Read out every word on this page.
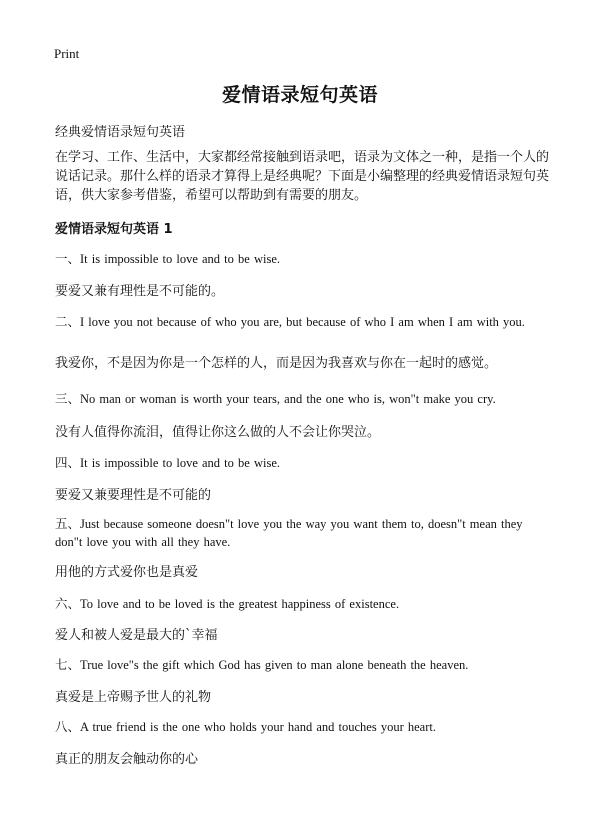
Print
爱情语录短句英语
经典爱情语录短句英语

在学习、工作、生活中，大家都经常接触到语录吧，语录为文体之一种，是指一个人的说话记录。那什么样的语录才算得上是经典呢？下面是小编整理的经典爱情语录短句英语，供大家参考借鉴，希望可以帮助到有需要的朋友。

爱情语录短句英语 1

一、It is impossible to love and to be wise.

要爱又兼有理性是不可能的。

二、I love you not because of who you are, but because of who I am when I am with you.

我爱你，不是因为你是一个怎样的人，而是因为我喜欢与你在一起时的感觉。

三、No man or woman is worth your tears, and the one who is, won"t make you cry.

没有人值得你流泪，值得让你这么做的人不会让你哭泣。

四、It is impossible to love and to be wise.

要爱又兼要理性是不可能的

五、Just because someone doesn"t love you the way you want them to, doesn"t mean they don"t love you with all they have.

用他的方式爱你也是真爱

六、To love and to be loved is the greatest happiness of existence.

爱人和被人爱是最大的`幸福

七、True love"s the gift which God has given to man alone beneath the heaven.

真爱是上帝赐予世人的礼物

八、A true friend is the one who holds your hand and touches your heart.

真正的朋友会触动你的心
